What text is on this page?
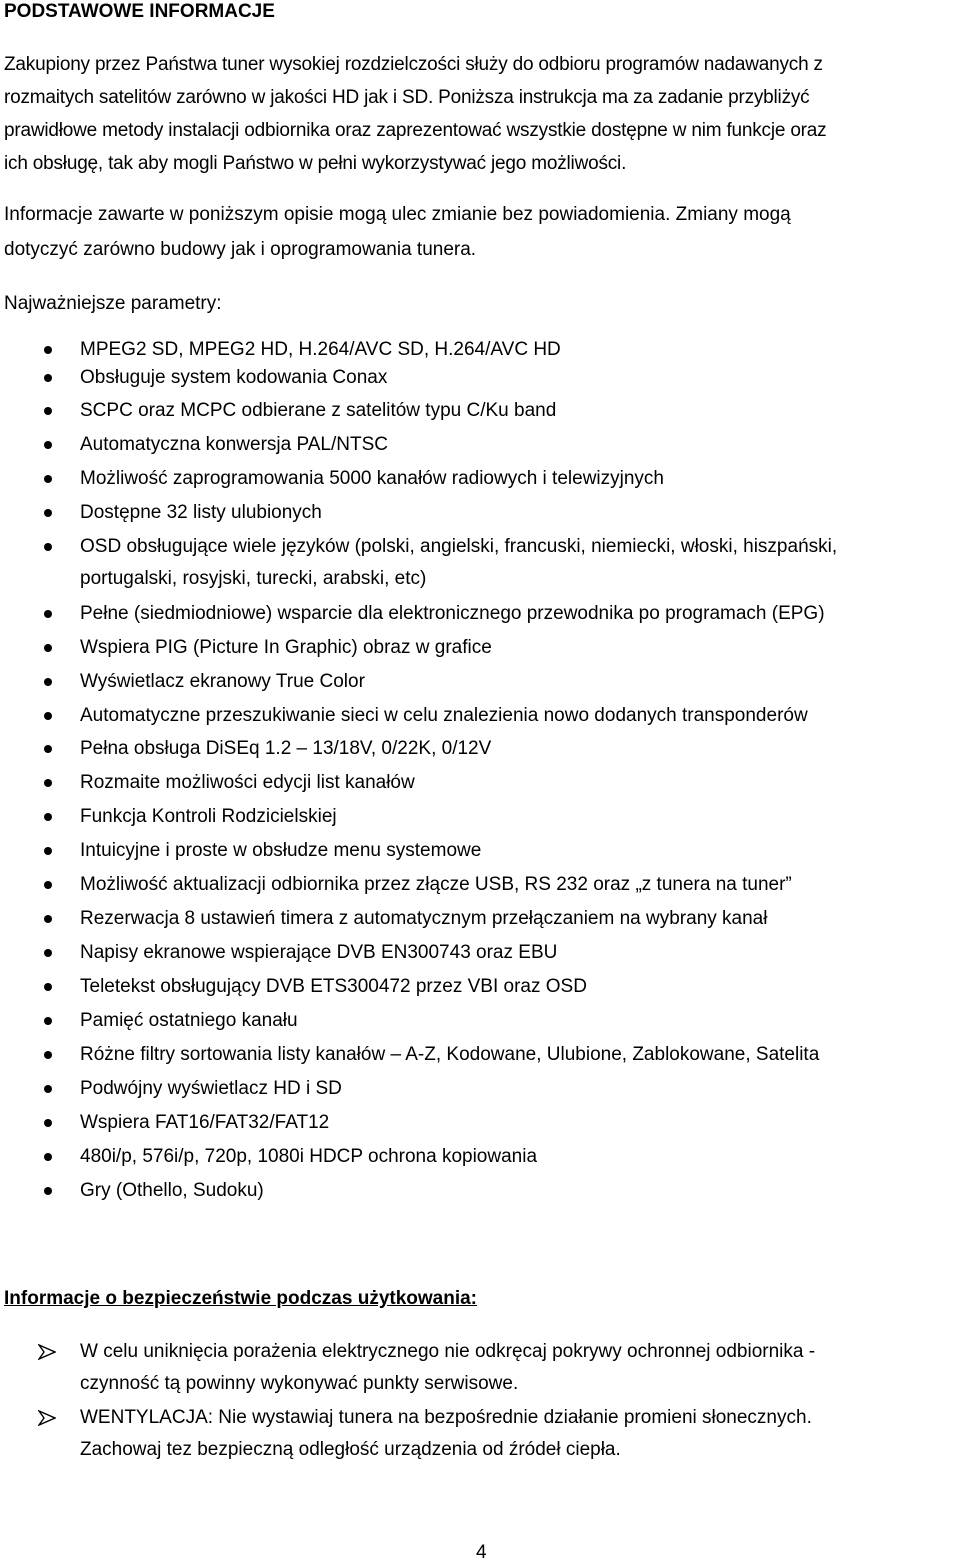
PODSTAWOWE INFORMACJE

Zakupiony przez Państwa tuner wysokiej rozdzielczości służy do odbioru programów nadawanych z

rozmaitych satelitów zarówno w jakości HD jak i SD. Poniższa instrukcja ma za zadanie przybliżyć

prawidłowe metody instalacji odbiornika oraz zaprezentować wszystkie dostępne w nim funkcje oraz

ich obsługę, tak aby mogli Państwo w pełni wykorzystywać jego możliwości.

Informacje zawarte w poniższym opisie mogą ulec zmianie bez powiadomienia. Zmiany mogą

dotyczyć zarówno budowy jak i oprogramowania tunera.

Najważniejsze parametry:
MPEG2 SD, MPEG2 HD, H.264/AVC SD, H.264/AVC HD
Obsługuje system kodowania Conax
SCPC oraz MCPC odbierane z satelitów typu C/Ku band
Automatyczna konwersja PAL/NTSC
Możliwość zaprogramowania 5000 kanałów radiowych i telewizyjnych
Dostępne 32 listy ulubionych
OSD obsługujące wiele języków (polski, angielski, francuski, niemiecki, włoski, hiszpański,
portugalski, rosyjski, turecki, arabski, etc)
Pełne (siedmiodniowe) wsparcie dla elektronicznego przewodnika po programach (EPG)
Wspiera PIG (Picture In Graphic) obraz w grafice
Wyświetlacz ekranowy True Color
Automatyczne przeszukiwanie sieci w celu znalezienia nowo dodanych transponderów
Pełna obsługa DiSEq 1.2 – 13/18V, 0/22K, 0/12V
Rozmaite możliwości edycji list kanałów
Funkcja Kontroli Rodzicielskiej
Intuicyjne i proste w obsłudze menu systemowe
Możliwość aktualizacji odbiornika przez złącze USB, RS 232 oraz „z tunera na tuner”
Rezerwacja 8 ustawień timera z automatycznym przełączaniem na wybrany kanał
Napisy ekranowe wspierające DVB EN300743 oraz EBU
Teletekst obsługujący DVB ETS300472 przez VBI oraz OSD
Pamięć ostatniego kanału
Różne filtry sortowania listy kanałów – A-Z, Kodowane, Ulubione, Zablokowane, Satelita
Podwójny wyświetlacz HD i SD
Wspiera FAT16/FAT32/FAT12
480i/p, 576i/p, 720p, 1080i HDCP ochrona kopiowania
Gry (Othello, Sudoku)
Informacje o bezpieczeństwie podczas użytkowania:
W celu uniknięcia porażenia elektrycznego nie odkręcaj pokrywy ochronnej odbiornika -
czynność tą powinny wykonywać punkty serwisowe.
WENTYLACJA: Nie wystawiaj tunera na bezpośrednie działanie promieni słonecznych.
Zachowaj tez bezpieczną odległość urządzenia od źródeł ciepła.
4
